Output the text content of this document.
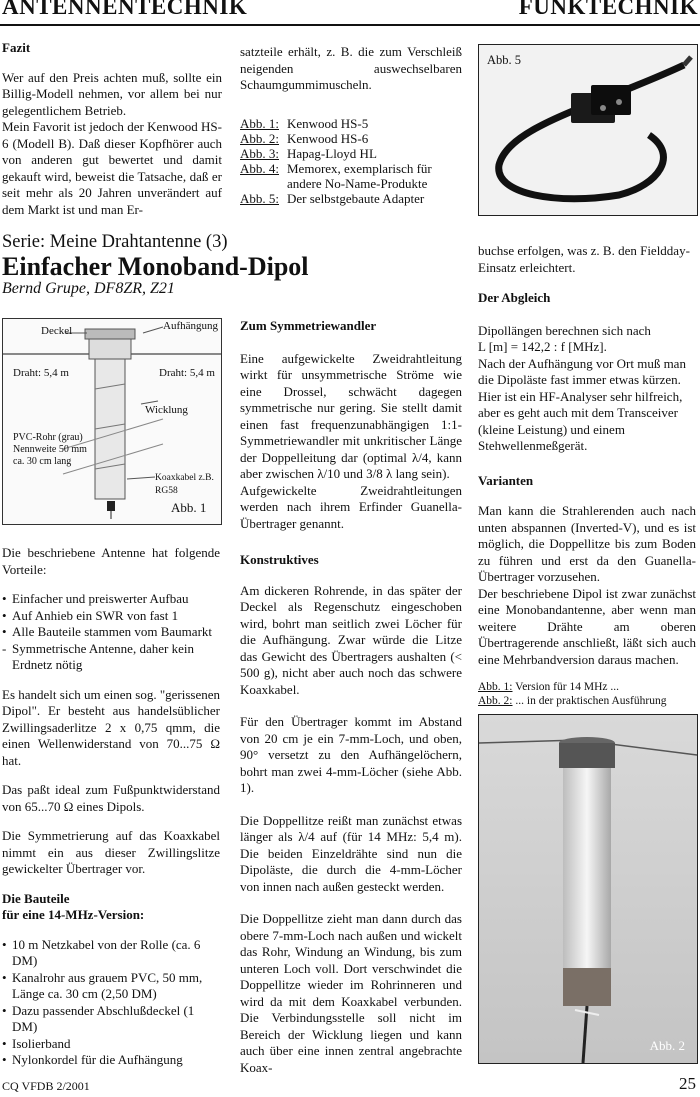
ANTENNENTECHNIK	FUNKTECHNIK
Fazit

Wer auf den Preis achten muß, sollte ein Billig-Modell nehmen, vor allem bei nur gelegentlichem Betrieb.

Mein Favorit ist jedoch der Kenwood HS-6 (Modell B). Daß dieser Kopfhörer auch von anderen gut bewertet und damit gekauft wird, beweist die Tatsache, daß er seit mehr als 20 Jahren unverändert auf dem Markt ist und man Er-

satzteile erhält, z. B. die zum Verschleiß neigenden auswechselbaren Schaumgummimuscheln.

Abb. 1:	Kenwood HS-5
Abb. 2:	Kenwood HS-6
Abb. 3:	Hapag-Lloyd HL
Abb. 4:	Memorex, exemplarisch für andere No-Name-Produkte
Abb. 5:	Der selbstgebaute Adapter
Abb. 5
Serie: Meine Drahtantenne (3)
Einfacher Monoband-Dipol
Bernd Grupe, DF8ZR, Z21
Deckel	Aufhängung
Draht: 5,4 m	Draht: 5,4 m
Wicklung
PVC-Rohr (grau)
Nennweite 50 mm
ca. 30 cm lang
Koaxkabel z.B. RG58
Abb. 1

Die beschriebene Antenne hat folgende Vorteile:

• Einfacher und preiswerter Aufbau
• Auf Anhieb ein SWR von fast 1
• Alle Bauteile stammen vom Baumarkt
- Symmetrische Antenne, daher kein Erdnetz nötig

Es handelt sich um einen sog. "gerissenen Dipol". Er besteht aus handelsüblicher Zwillingsaderlitze 2 x 0,75 qmm, die einen Wellenwiderstand von 70...75 Ω hat.

Das paßt ideal zum Fußpunktwiderstand von 65...70 Ω eines Dipols.

Die Symmetrierung auf das Koaxkabel nimmt ein aus dieser Zwillingslitze gewickelter Übertrager vor.

Die Bauteile
für eine 14-MHz-Version:
• 10 m Netzkabel von der Rolle (ca. 6 DM)
• Kanalrohr aus grauem PVC, 50 mm, Länge ca. 30 cm (2,50 DM)
• Dazu passender Abschlußdeckel (1 DM)
• Isolierband
• Nylonkordel für die Aufhängung
Zum Symmetriewandler

Eine aufgewickelte Zweidrahtleitung wirkt für unsymmetrische Ströme wie eine Drossel, schwächt dagegen symmetrische nur gering. Sie stellt damit einen fast frequenzunabhängigen 1:1-Symmetriewandler mit unkritischer Länge der Doppelleitung dar (optimal λ/4, kann aber zwischen λ/10 und 3/8 λ lang sein).

Aufgewickelte Zweidrahtleitungen werden nach ihrem Erfinder Guanella-Übertrager genannt.

Konstruktives

Am dickeren Rohrende, in das später der Deckel als Regenschutz eingeschoben wird, bohrt man seitlich zwei Löcher für die Aufhängung. Zwar würde die Litze das Gewicht des Übertragers aushalten (< 500 g), nicht aber auch noch das schwere Koaxkabel.

Für den Übertrager kommt im Abstand von 20 cm je ein 7-mm-Loch, und oben, 90° versetzt zu den Aufhängelöchern, bohrt man zwei 4-mm-Löcher (siehe Abb. 1).

Die Doppellitze reißt man zunächst etwas länger als λ/4 auf (für 14 MHz: 5,4 m). Die beiden Einzeldrähte sind nun die Dipoläste, die durch die 4-mm-Löcher von innen nach außen gesteckt werden.

Die Doppellitze zieht man dann durch das obere 7-mm-Loch nach außen und wickelt das Rohr, Windung an Windung, bis zum unteren Loch voll. Dort verschwindet die Doppellitze wieder im Rohrinneren und wird da mit dem Koaxkabel verbunden. Die Verbindungsstelle soll nicht im Bereich der Wicklung liegen und kann auch über eine innen zentral angebrachte Koax-

buchse erfolgen, was z. B. den Fieldday-Einsatz erleichtert.

Der Abgleich
Dipollängen berechnen sich nach
L [m] = 142,2 : f [MHz].

Nach der Aufhängung vor Ort muß man die Dipoläste fast immer etwas kürzen. Hier ist ein HF-Analyser sehr hilfreich, aber es geht auch mit dem Transceiver (kleine Leistung) und einem Stehwellenmeßgerät.

Varianten

Man kann die Strahlerenden auch nach unten abspannen (Inverted-V), und es ist möglich, die Doppellitze bis zum Boden zu führen und erst da den Guanella-Übertrager vorzusehen.

Der beschriebene Dipol ist zwar zunächst eine Monobandantenne, aber wenn man weitere Drähte am oberen Übertragerende anschließt, läßt sich auch eine Mehrbandversion daraus machen.

Abb. 1: Version für 14 MHz ...
Abb. 2: ... in der praktischen Ausführung
Abb. 2
CQ VFDB 2/2001	25
